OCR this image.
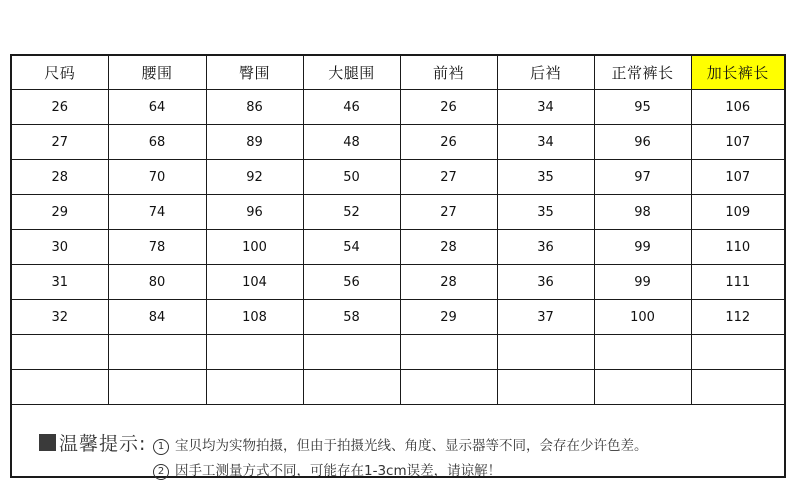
尺码	腰围	臀围	大腿围	前裆	后裆	正常裤长	加长裤长
26	64	86	46	26	34	95	106
27	68	89	48	26	34	96	107
28	70	92	50	27	35	97	107
29	74	96	52	27	35	98	109
30	78	100	54	28	36	99	110
31	80	104	56	28	36	99	111
32	84	108	58	29	37	100	112

温馨提示:	1 宝贝均为实物拍摄，但由于拍摄光线、角度、显示器等不同，会存在少许色差。
2 因手工测量方式不同，可能存在1-3cm误差，请谅解！
